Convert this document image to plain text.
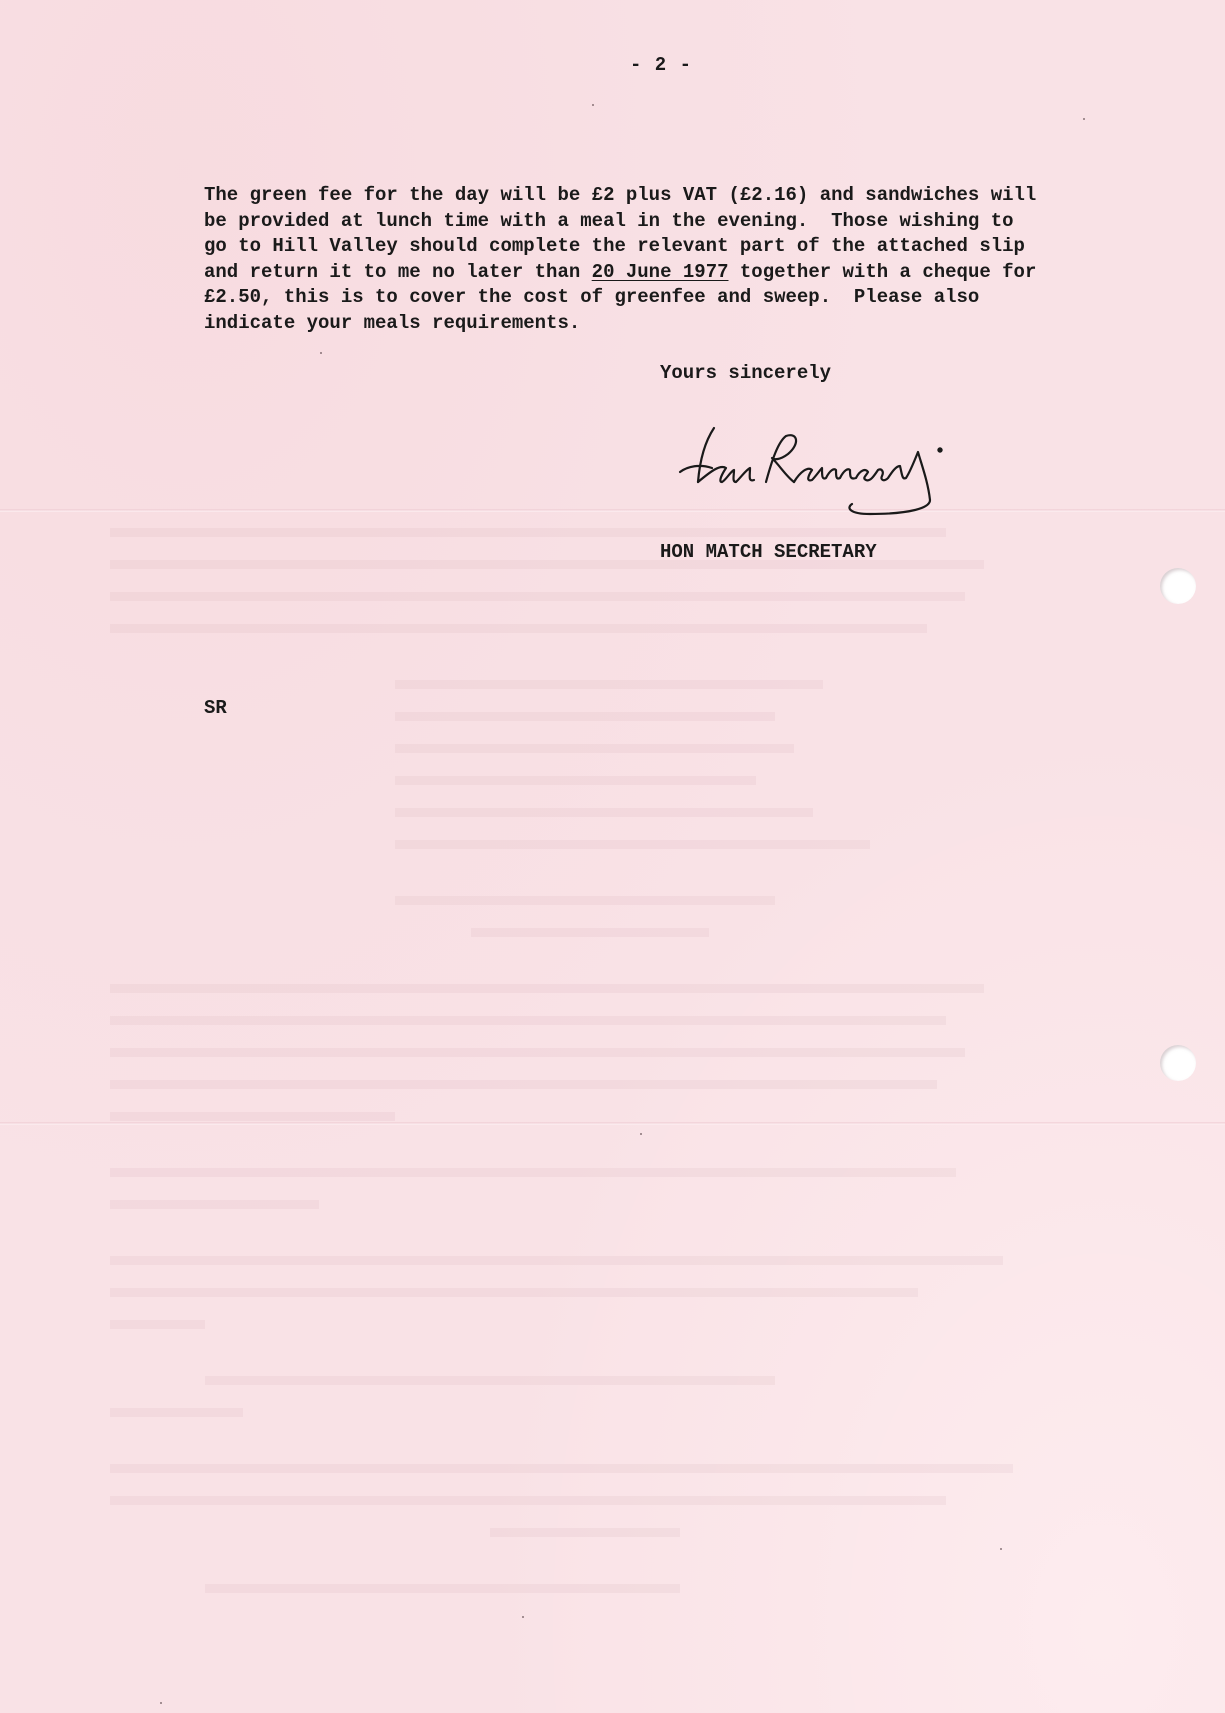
- 2 -
The green fee for the day will be £2 plus VAT (£2.16) and sandwiches will
be provided at lunch time with a meal in the evening.  Those wishing to
go to Hill Valley should complete the relevant part of the attached slip
and return it to me no later than 20 June 1977 together with a cheque for
£2.50, this is to cover the cost of greenfee and sweep.  Please also
indicate your meals requirements.
Yours sincerely
HON MATCH SECRETARY
SR
